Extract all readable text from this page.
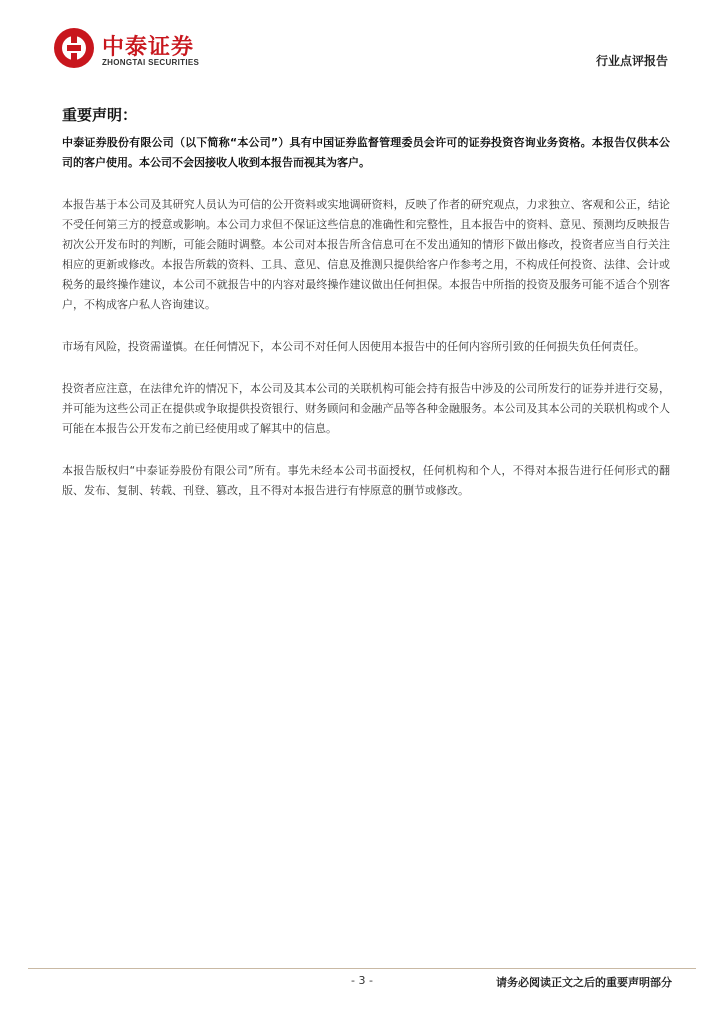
中泰证券
ZHONGTAI SECURITIES	行业点评报告
重要声明：

中泰证券股份有限公司（以下简称“本公司”）具有中国证券监督管理委员会许可的证券投资咨询业务资格。本报告仅供本公司的客户使用。本公司不会因接收人收到本报告而视其为客户。

本报告基于本公司及其研究人员认为可信的公开资料或实地调研资料，反映了作者的研究观点，力求独立、客观和公正，结论不受任何第三方的授意或影响。本公司力求但不保证这些信息的准确性和完整性，且本报告中的资料、意见、预测均反映报告初次公开发布时的判断，可能会随时调整。本公司对本报告所含信息可在不发出通知的情形下做出修改，投资者应当自行关注相应的更新或修改。本报告所载的资料、工具、意见、信息及推测只提供给客户作参考之用，不构成任何投资、法律、会计或税务的最终操作建议，本公司不就报告中的内容对最终操作建议做出任何担保。本报告中所指的投资及服务可能不适合个别客户，不构成客户私人咨询建议。

市场有风险，投资需谨慎。在任何情况下，本公司不对任何人因使用本报告中的任何内容所引致的任何损失负任何责任。

投资者应注意，在法律允许的情况下，本公司及其本公司的关联机构可能会持有报告中涉及的公司所发行的证券并进行交易，并可能为这些公司正在提供或争取提供投资银行、财务顾问和金融产品等各种金融服务。本公司及其本公司的关联机构或个人可能在本报告公开发布之前已经使用或了解其中的信息。

本报告版权归“中泰证券股份有限公司”所有。事先未经本公司书面授权，任何机构和个人，不得对本报告进行任何形式的翻版、发布、复制、转载、刊登、篡改，且不得对本报告进行有悖原意的删节或修改。

- 3 -	请务必阅读正文之后的重要声明部分
